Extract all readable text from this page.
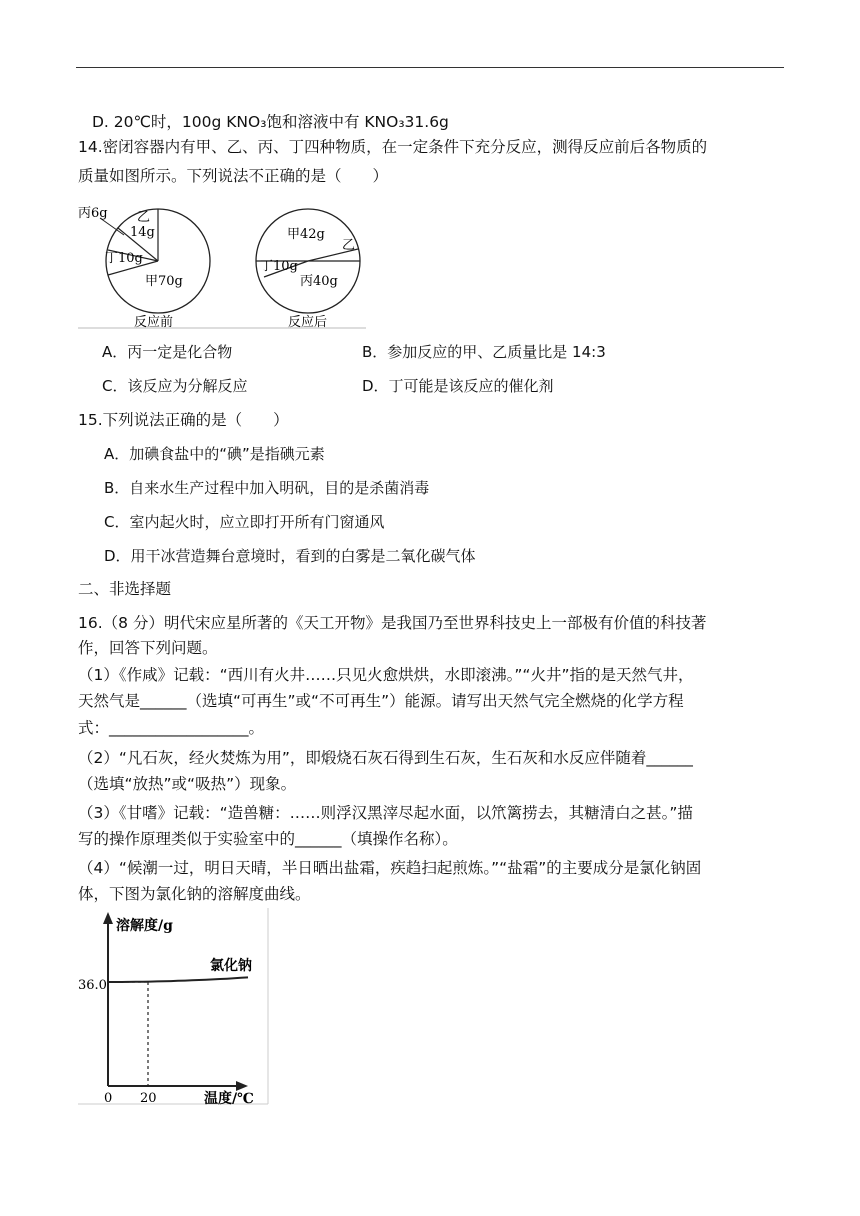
D. 20℃时，100g KNO₃饱和溶液中有 KNO₃31.6g
14.密闭容器内有甲、乙、丙、丁四种物质，在一定条件下充分反应，测得反应前后各物质的
质量如图所示。下列说法不正确的是（　　）
丙6g 乙
14g
丁10g
甲70g
甲42g
乙
丁10g
丙40g
反应前	反应后
A．丙一定是化合物	B．参加反应的甲、乙质量比是 14:3
C．该反应为分解反应	D．丁可能是该反应的催化剂
15.下列说法正确的是（　　）
A．加碘食盐中的“碘”是指碘元素
B．自来水生产过程中加入明矾，目的是杀菌消毒
C．室内起火时，应立即打开所有门窗通风
D．用干冰营造舞台意境时，看到的白雾是二氧化碳气体
二、非选择题
16.（8 分）明代宋应星所著的《天工开物》是我国乃至世界科技史上一部极有价值的科技著
作，回答下列问题。
（1）《作咸》记载：“西川有火井……只见火愈烘烘，水即滚沸。”“火井”指的是天然气井，
天然气是______（选填“可再生”或“不可再生”）能源。请写出天然气完全燃烧的化学方程
式：__________________。
（2）“凡石灰，经火焚炼为用”，即煅烧石灰石得到生石灰，生石灰和水反应伴随着______
（选填“放热”或“吸热”）现象。
（3）《甘嗜》记载：“造兽糖：……则浮汉黑滓尽起水面，以笊篱捞去，其糖清白之甚。”描
写的操作原理类似于实验室中的______（填操作名称）。
（4）“候潮一过，明日天晴，半日晒出盐霜，疾趋扫起煎炼。”“盐霜”的主要成分是氯化钠固
体，下图为氯化钠的溶解度曲线。
溶解度/g
温度/℃
36.0
0 20
氯化钠
